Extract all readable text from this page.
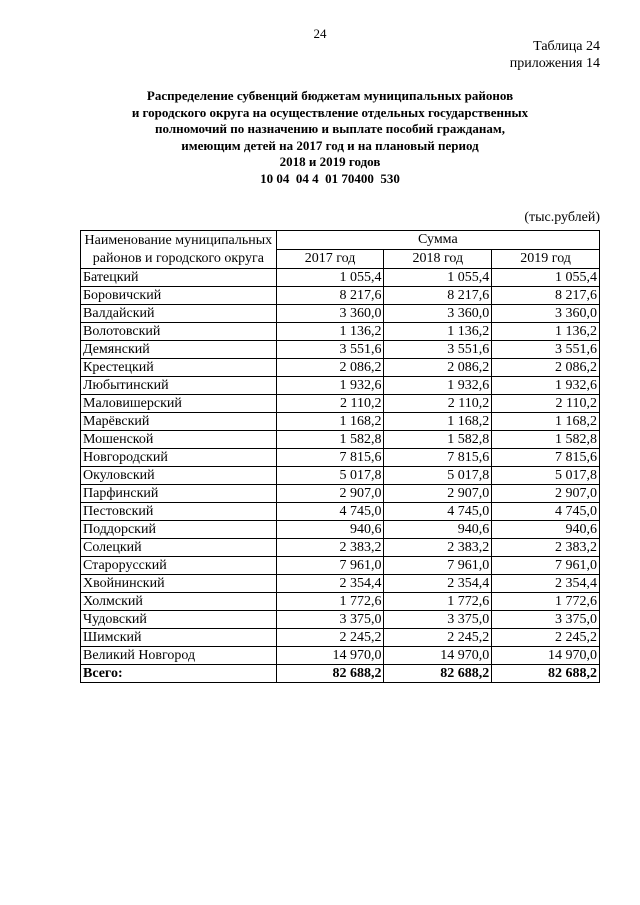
24
Таблица 24
приложения 14
Распределение субвенций бюджетам муниципальных районов
и городского округа на осуществление отдельных государственных
полномочий по назначению и выплате пособий гражданам,
имеющим детей на 2017 год и на плановый период
2018 и 2019 годов
10 04  04 4  01 70400  530
(тыс.рублей)
Наименование муниципальных районов и городского округа	Сумма		
	2017 год	2018 год	2019 год
Батецкий	1 055,4	1 055,4	1 055,4
Боровичский	8 217,6	8 217,6	8 217,6
Валдайский	3 360,0	3 360,0	3 360,0
Волотовский	1 136,2	1 136,2	1 136,2
Демянский	3 551,6	3 551,6	3 551,6
Крестецкий	2 086,2	2 086,2	2 086,2
Любытинский	1 932,6	1 932,6	1 932,6
Маловишерский	2 110,2	2 110,2	2 110,2
Марёвский	1 168,2	1 168,2	1 168,2
Мошенской	1 582,8	1 582,8	1 582,8
Новгородский	7 815,6	7 815,6	7 815,6
Окуловский	5 017,8	5 017,8	5 017,8
Парфинский	2 907,0	2 907,0	2 907,0
Пестовский	4 745,0	4 745,0	4 745,0
Поддорский	940,6	940,6	940,6
Солецкий	2 383,2	2 383,2	2 383,2
Старорусский	7 961,0	7 961,0	7 961,0
Хвойнинский	2 354,4	2 354,4	2 354,4
Холмский	1 772,6	1 772,6	1 772,6
Чудовский	3 375,0	3 375,0	3 375,0
Шимский	2 245,2	2 245,2	2 245,2
Великий Новгород	14 970,0	14 970,0	14 970,0
Всего:	82 688,2	82 688,2	82 688,2
